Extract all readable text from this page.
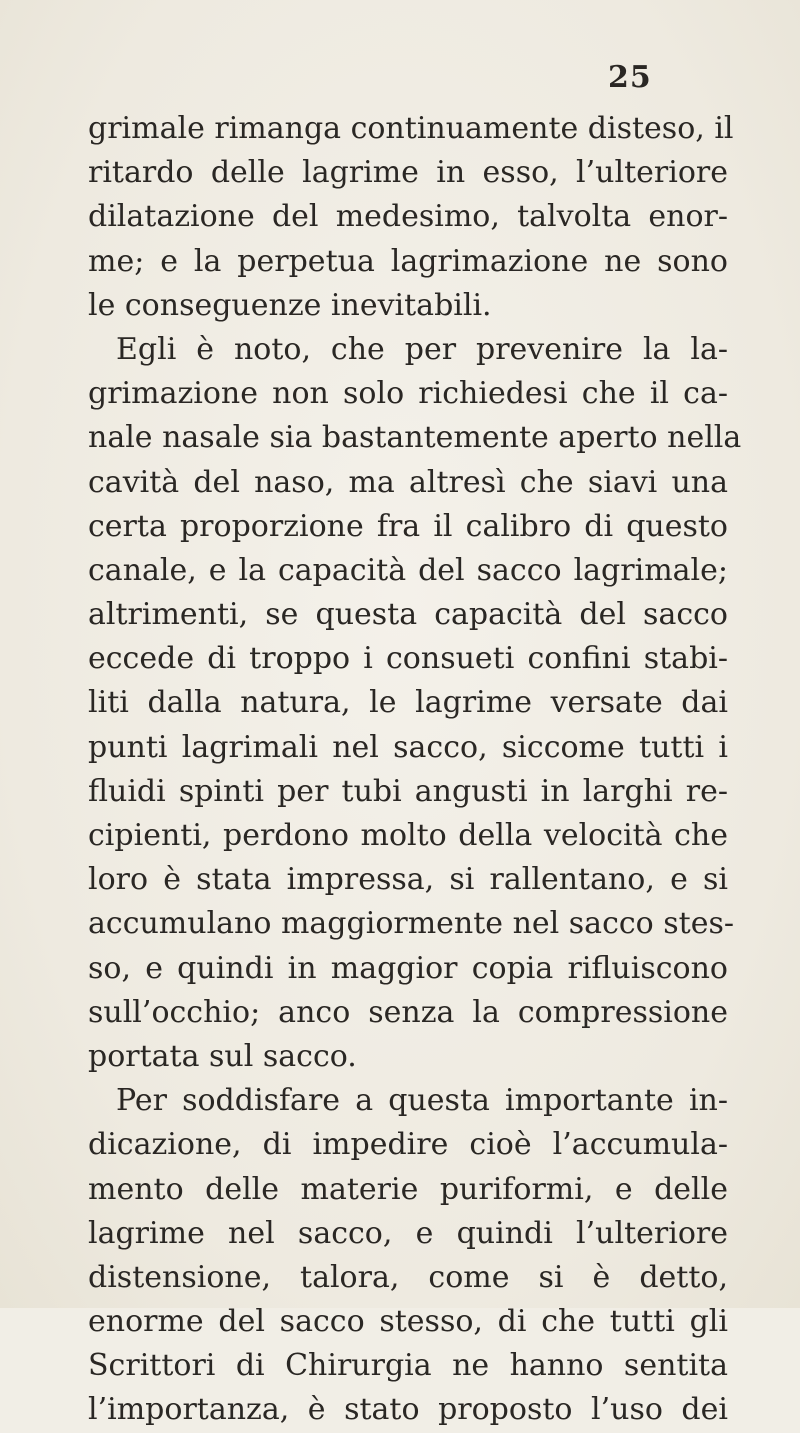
25
grimale rimanga continuamente disteso, il
ritardo delle lagrime in esso, l’ulteriore
dilatazione del medesimo, talvolta enor-
me; e la perpetua lagrimazione ne sono
le conseguenze inevitabili.
Egli è noto, che per prevenire la la-
grimazione non solo richiedesi che il ca-
nale nasale sia bastantemente aperto nella
cavità del naso, ma altresì che siavi una
certa proporzione fra il calibro di questo
canale, e la capacità del sacco lagrimale;
altrimenti, se questa capacità del sacco
eccede di troppo i consueti confini stabi-
liti dalla natura, le lagrime versate dai
punti lagrimali nel sacco, siccome tutti i
fluidi spinti per tubi angusti in larghi re-
cipienti, perdono molto della velocità che
loro è stata impressa, si rallentano, e si
accumulano maggiormente nel sacco stes-
so, e quindi in maggior copia rifluiscono
sull’occhio; anco senza la compressione
portata sul sacco.
Per soddisfare a questa importante in-
dicazione, di impedire cioè l’accumula-
mento delle materie puriformi, e delle
lagrime nel sacco, e quindi l’ulteriore
distensione, talora, come si è detto,
enorme del sacco stesso, di che tutti gli
Scrittori di Chirurgia ne hanno sentita
l’importanza, è stato proposto l’uso dei
